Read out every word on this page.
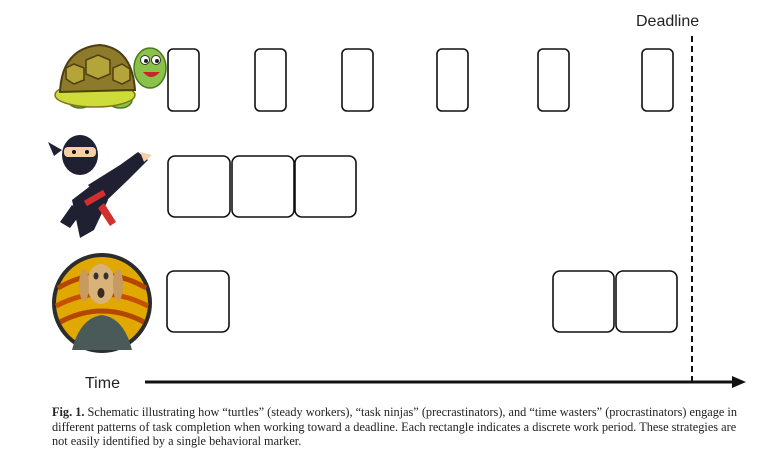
Deadline
Time
Fig. 1. Schematic illustrating how “turtles” (steady workers), “task ninjas” (precrastinators), and “time wasters” (procrastinators) engage in different patterns of task completion when working toward a deadline. Each rectangle indicates a discrete work period. These strategies are not easily identified by a single behavioral marker.
